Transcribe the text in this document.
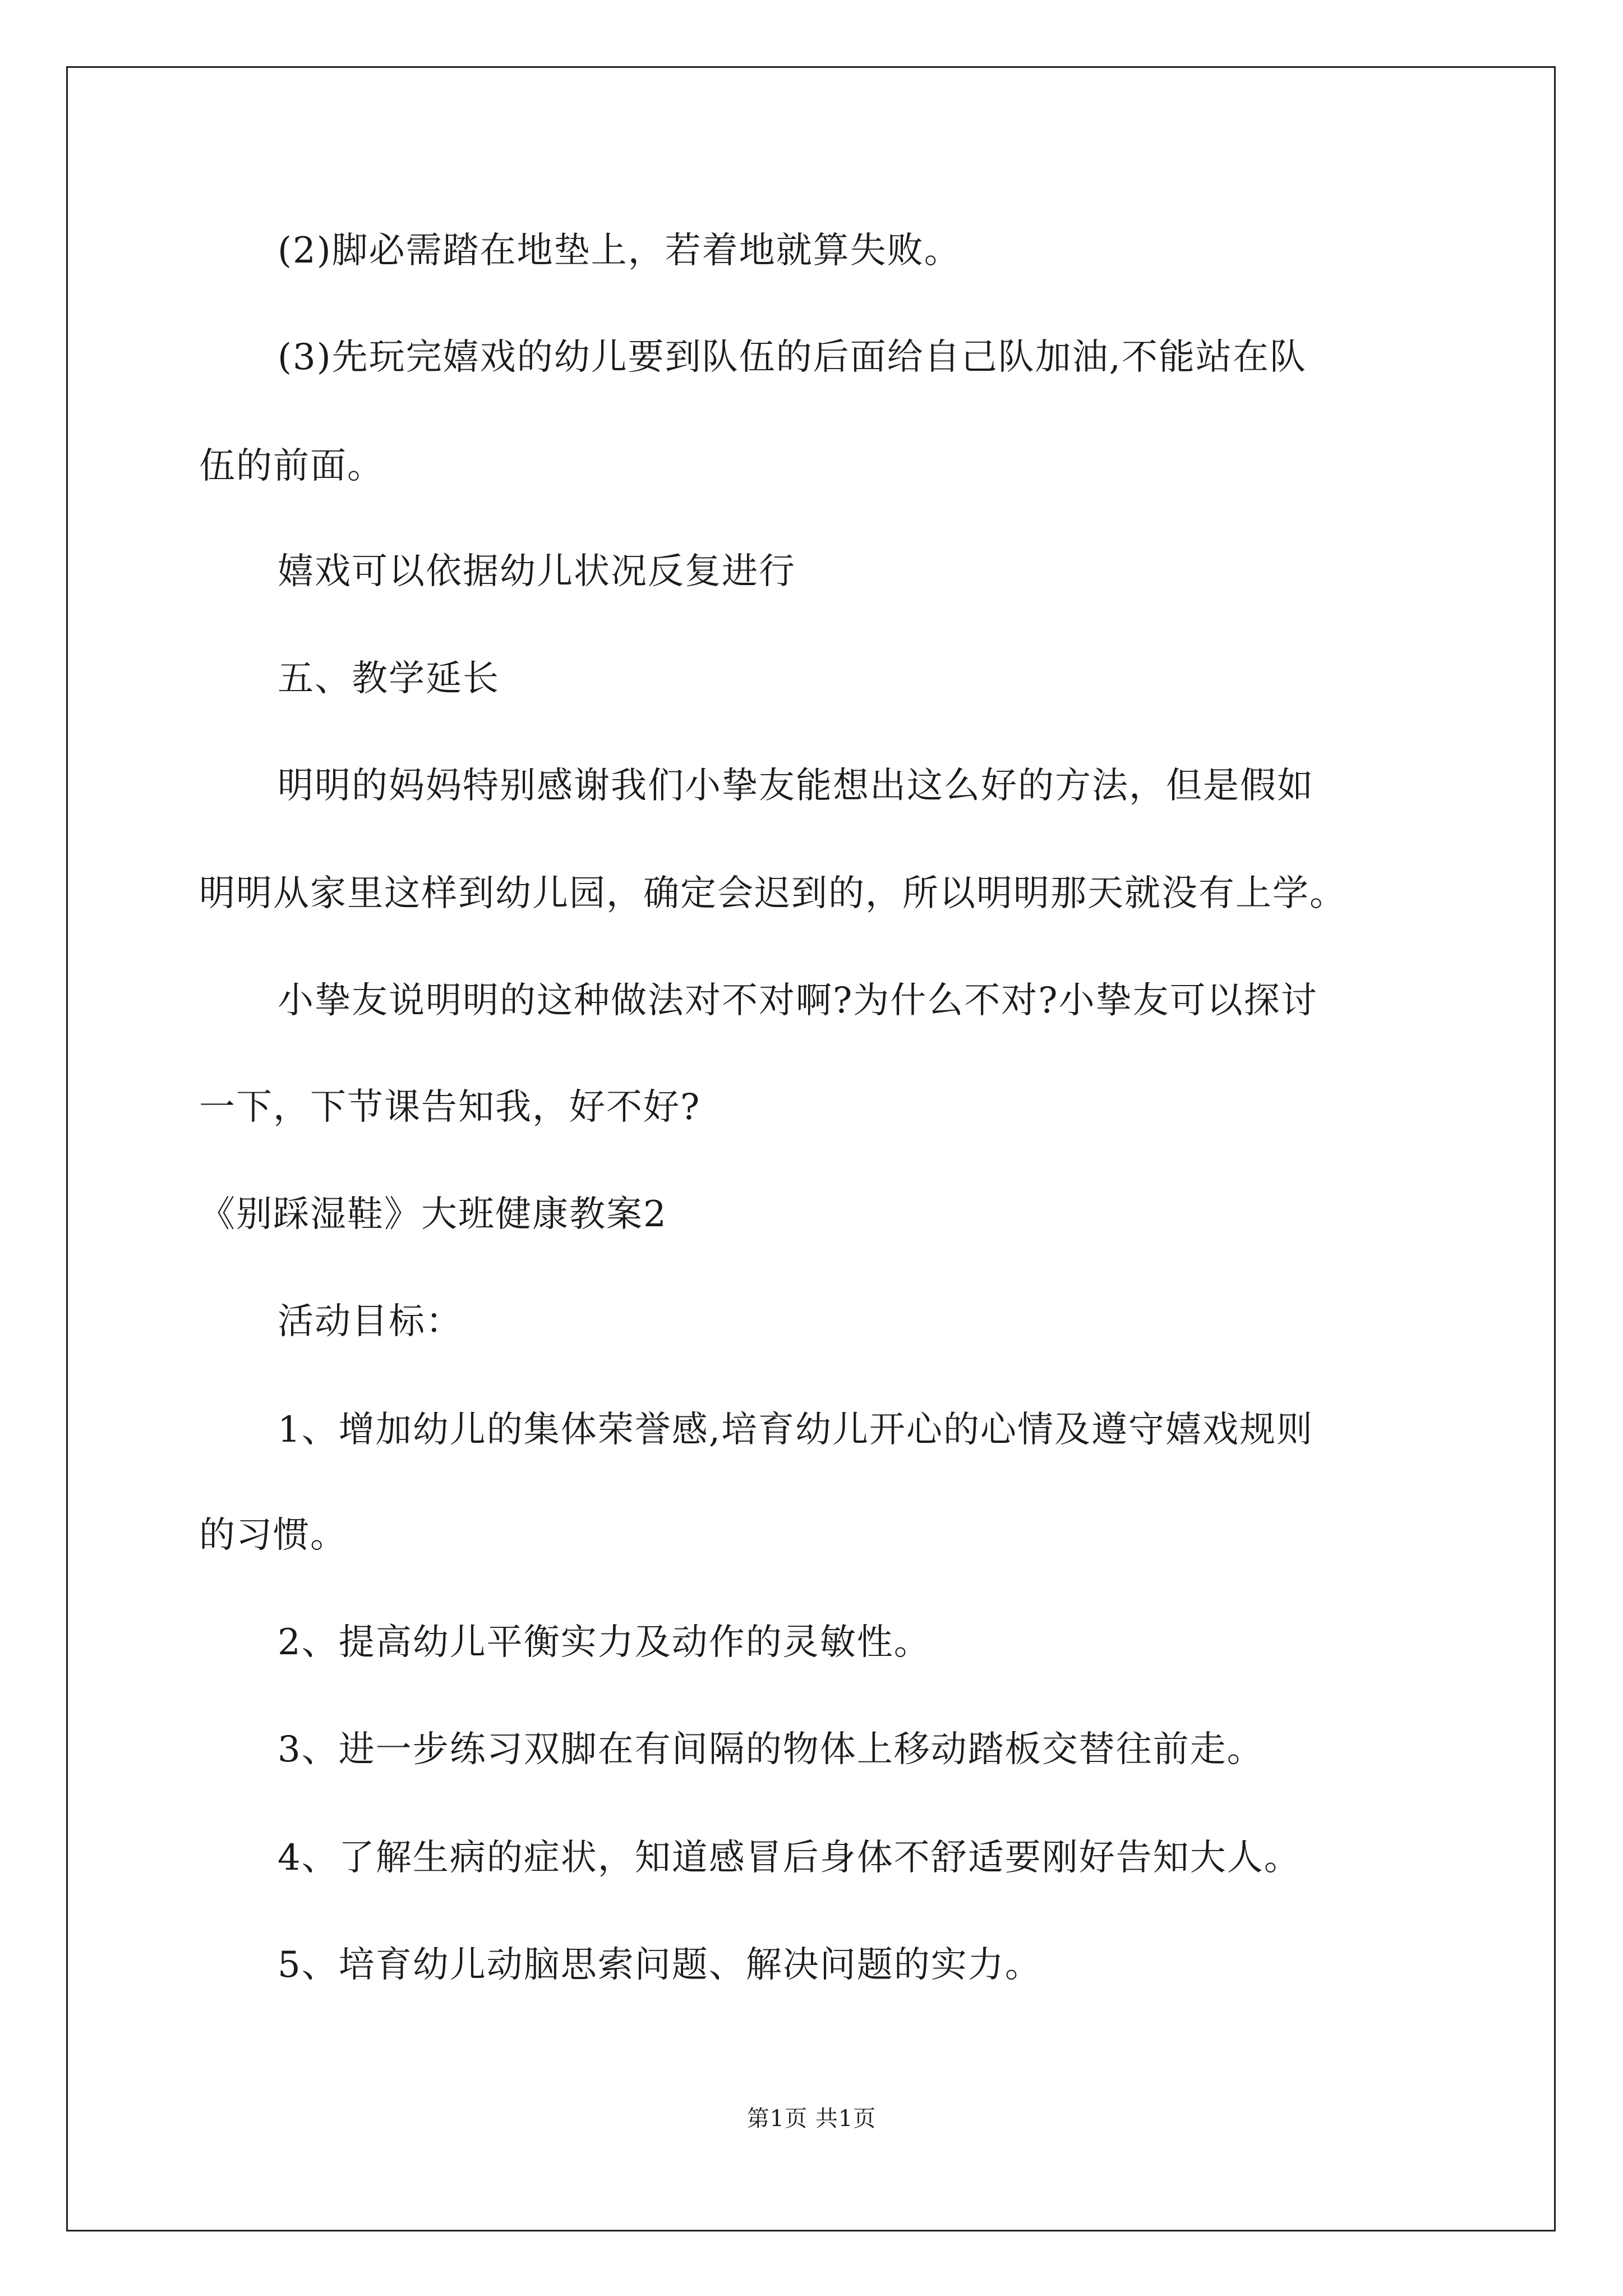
(2)脚必需踏在地垫上，若着地就算失败。
(3)先玩完嬉戏的幼儿要到队伍的后面给自己队加油,不能站在队
伍的前面。
嬉戏可以依据幼儿状况反复进行
五、教学延长
明明的妈妈特别感谢我们小挚友能想出这么好的方法，但是假如
明明从家里这样到幼儿园，确定会迟到的，所以明明那天就没有上学。
小挚友说明明的这种做法对不对啊?为什么不对?小挚友可以探讨
一下，下节课告知我，好不好?
《别踩湿鞋》大班健康教案2
活动目标：
1、增加幼儿的集体荣誉感,培育幼儿开心的心情及遵守嬉戏规则
的习惯。
2、提高幼儿平衡实力及动作的灵敏性。
3、进一步练习双脚在有间隔的物体上移动踏板交替往前走。
4、了解生病的症状，知道感冒后身体不舒适要刚好告知大人。
5、培育幼儿动脑思索问题、解决问题的实力。
第1页 共1页
